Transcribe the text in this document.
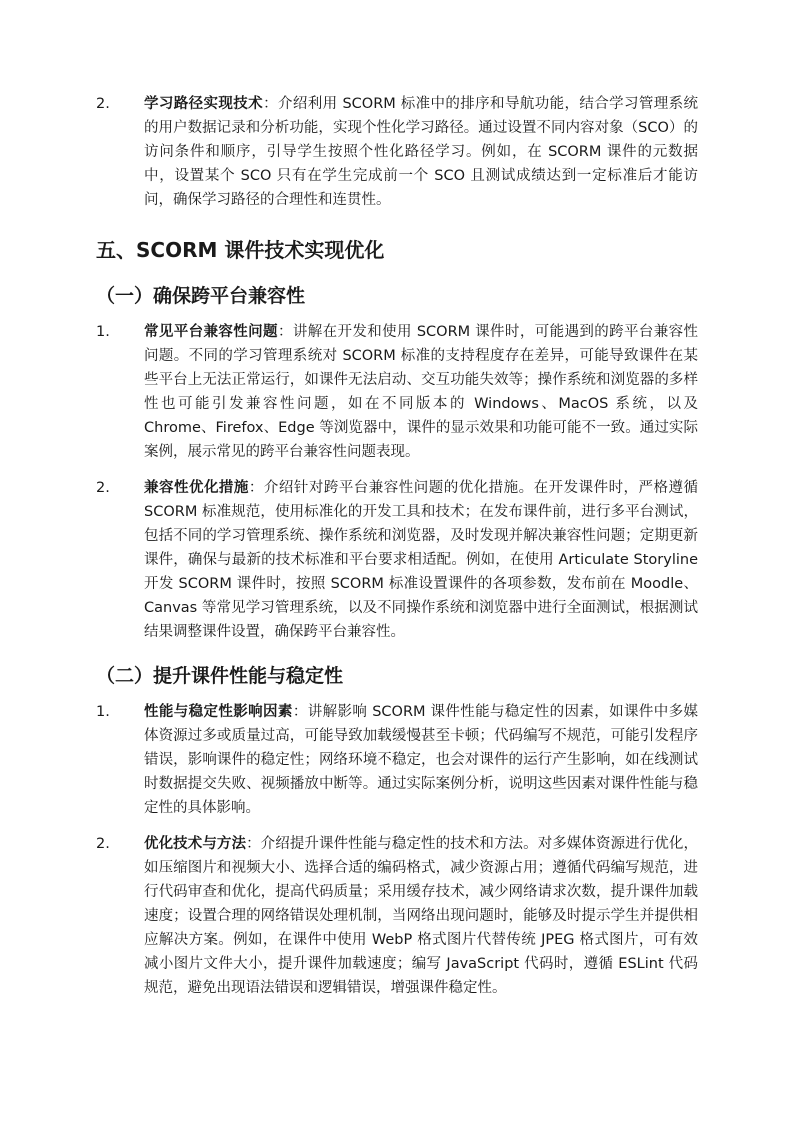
2.	学习路径实现技术：介绍利用 SCORM 标准中的排序和导航功能，结合学习管理系统的用户数据记录和分析功能，实现个性化学习路径。通过设置不同内容对象（SCO）的访问条件和顺序，引导学生按照个性化路径学习。例如，在 SCORM 课件的元数据中，设置某个 SCO 只有在学生完成前一个 SCO 且测试成绩达到一定标准后才能访问，确保学习路径的合理性和连贯性。
五、SCORM 课件技术实现优化
（一）确保跨平台兼容性
1.	常见平台兼容性问题：讲解在开发和使用 SCORM 课件时，可能遇到的跨平台兼容性问题。不同的学习管理系统对 SCORM 标准的支持程度存在差异，可能导致课件在某些平台上无法正常运行，如课件无法启动、交互功能失效等；操作系统和浏览器的多样性也可能引发兼容性问题，如在不同版本的 Windows、MacOS 系统，以及 Chrome、Firefox、Edge 等浏览器中，课件的显示效果和功能可能不一致。通过实际案例，展示常见的跨平台兼容性问题表现。
2.	兼容性优化措施：介绍针对跨平台兼容性问题的优化措施。在开发课件时，严格遵循 SCORM 标准规范，使用标准化的开发工具和技术；在发布课件前，进行多平台测试，包括不同的学习管理系统、操作系统和浏览器，及时发现并解决兼容性问题；定期更新课件，确保与最新的技术标准和平台要求相适配。例如，在使用 Articulate Storyline 开发 SCORM 课件时，按照 SCORM 标准设置课件的各项参数，发布前在 Moodle、Canvas 等常见学习管理系统，以及不同操作系统和浏览器中进行全面测试，根据测试结果调整课件设置，确保跨平台兼容性。
（二）提升课件性能与稳定性
1.	性能与稳定性影响因素：讲解影响 SCORM 课件性能与稳定性的因素，如课件中多媒体资源过多或质量过高，可能导致加载缓慢甚至卡顿；代码编写不规范，可能引发程序错误，影响课件的稳定性；网络环境不稳定，也会对课件的运行产生影响，如在线测试时数据提交失败、视频播放中断等。通过实际案例分析，说明这些因素对课件性能与稳定性的具体影响。
2.	优化技术与方法：介绍提升课件性能与稳定性的技术和方法。对多媒体资源进行优化，如压缩图片和视频大小、选择合适的编码格式，减少资源占用；遵循代码编写规范，进行代码审查和优化，提高代码质量；采用缓存技术，减少网络请求次数，提升课件加载速度；设置合理的网络错误处理机制，当网络出现问题时，能够及时提示学生并提供相应解决方案。例如，在课件中使用 WebP 格式图片代替传统 JPEG 格式图片，可有效减小图片文件大小，提升课件加载速度；编写 JavaScript 代码时，遵循 ESLint 代码规范，避免出现语法错误和逻辑错误，增强课件稳定性。
